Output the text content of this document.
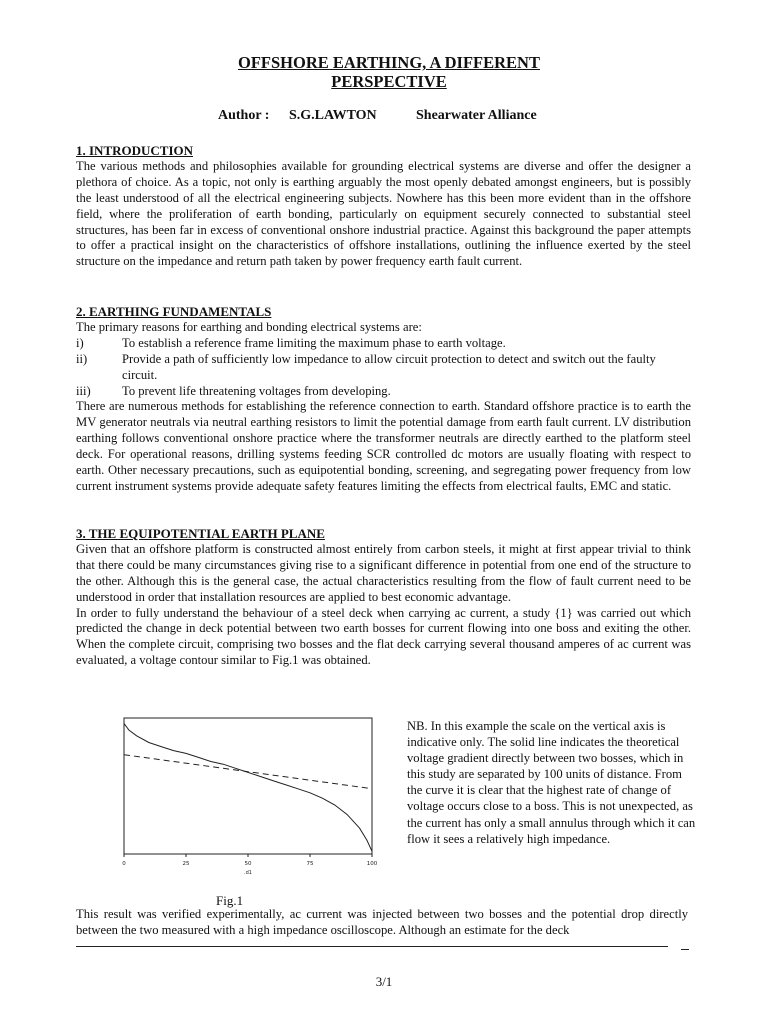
OFFSHORE EARTHING, A DIFFERENT
PERSPECTIVE
Author : S.G.LAWTON	Shearwater Alliance
1. INTRODUCTION
The various methods and philosophies available for grounding electrical systems are diverse and offer the designer a plethora of choice. As a topic, not only is earthing arguably the most openly debated amongst engineers, but is possibly the least understood of all the electrical engineering subjects. Nowhere has this been more evident than in the offshore field, where the proliferation of earth bonding, particularly on equipment securely connected to substantial steel structures, has been far in excess of conventional onshore industrial practice. Against this background the paper attempts to offer a practical insight on the characteristics of offshore installations, outlining the influence exerted by the steel structure on the impedance and return path taken by power frequency earth fault current.
2. EARTHING FUNDAMENTALS
The primary reasons for earthing and bonding electrical systems are:
i)	To establish a reference frame limiting the maximum phase to earth voltage.
ii)	Provide a path of sufficiently low impedance to allow circuit protection to detect and switch out the faulty circuit.
iii) To prevent life threatening voltages from developing.
There are numerous methods for establishing the reference connection to earth. Standard offshore practice is to earth the MV generator neutrals via neutral earthing resistors to limit the potential damage from earth fault current. LV distribution earthing follows conventional onshore practice where the transformer neutrals are directly earthed to the platform steel deck. For operational reasons, drilling systems feeding SCR controlled dc motors are usually floating with respect to earth. Other necessary precautions, such as equipotential bonding, screening, and segregating power frequency from low current instrument systems provide adequate safety features limiting the effects from electrical faults, EMC and static.
3. THE EQUIPOTENTIAL EARTH PLANE
Given that an offshore platform is constructed almost entirely from carbon steels, it might at first appear trivial to think that there could be many circumstances giving rise to a significant difference in potential from one end of the structure to the other. Although this is the general case, the actual characteristics resulting from the flow of fault current need to be understood in order that installation resources are applied to best economic advantage.
In order to fully understand the behaviour of a steel deck when carrying ac current, a study {1} was carried out which predicted the change in deck potential between two earth bosses for current flowing into one boss and exiting the other. When the complete circuit, comprising two bosses and the flat deck carrying several thousand amperes of ac current was evaluated, a voltage contour similar to Fig.1 was obtained.
0	25	50	75	100
.d1
NB. In this example the scale on the vertical axis is indicative only. The solid line indicates the theoretical voltage gradient directly between two bosses, which in this study are separated by 100 units of distance. From the curve it is clear that the highest rate of change of voltage occurs close to a boss. This is not unexpected, as the current has only a small annulus through which it can flow it sees a relatively high impedance.
Fig.1
This result was verified experimentally, ac current was injected between two bosses and the potential drop directly between the two measured with a high impedance oscilloscope. Although an estimate for the deck
3/1
